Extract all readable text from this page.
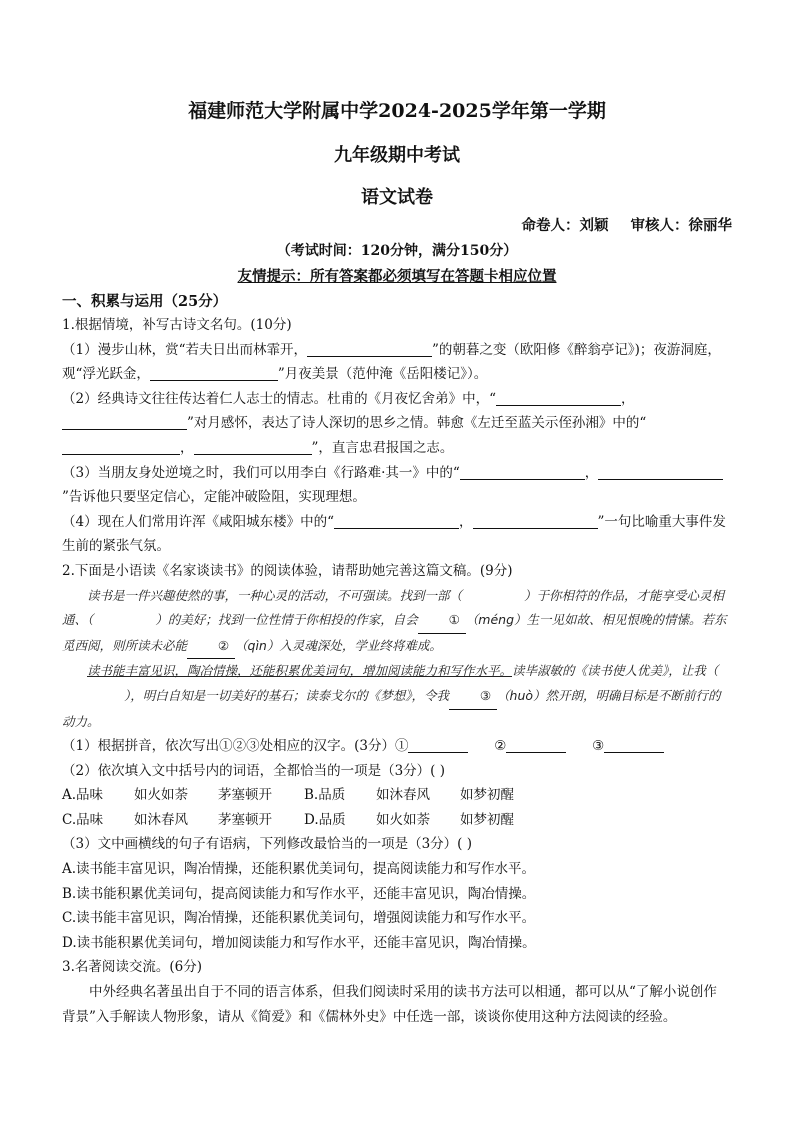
福建师范大学附属中学2024-2025学年第一学期
九年级期中考试
语文试卷
命卷人：刘颖 审核人：徐丽华
（考试时间：120分钟，满分150分）
友情提示：所有答案都必须填写在答题卡相应位置
一、积累与运用（25分）

1.根据情境，补写古诗文名句。(10分)

（1）漫步山林，赏“若夫日出而林霏开，	”的朝暮之变（欧阳修《醉翁亭记》)；夜游洞庭，观“浮光跃金，	”月夜美景（范仲淹《岳阳楼记》）。

（2）经典诗文往往传达着仁人志士的情志。杜甫的《月夜忆舍弟》中，“	，”对月感怀，表达了诗人深切的思乡之情。韩愈《左迁至蓝关示侄孙湘》中的“，	”，直言忠君报国之志。

（3）当朋友身处逆境之时，我们可以用李白《行路难·其一》中的“	，”告诉他只要坚定信心，定能冲破险阻，实现理想。

（4）现在人们常用许浑《咸阳城东楼》中的“	，	”一句比喻重大事件发生前的紧张气氛。

2.下面是小语读《名家谈读书》的阅读体验，请帮助她完善这篇文稿。(9分)

读书是一件兴趣使然的事，一种心灵的活动，不可强读。找到一部（	）于你相符的作品，才能享受心灵相通、（	）的美好；找到一位性情于你相投的作家，自会 ① （méng）生一见如故、相见恨晚的情愫。若东觅西阅，则所读未必能 ② （qìn）入灵魂深处，学业终将难成。

读书能丰富见识，陶冶情操，还能积累优美词句，增加阅读能力和写作水平。读毕淑敏的《读书使人优美》，让我（），明白自知是一切美好的基石；读泰戈尔的《梦想》，令我 ③ （huò）然开朗，明确目标是不断前行的动力。

（1）根据拼音，依次写出①②③处相应的汉字。(3分）①	②	③

（2）依次填入文中括号内的词语，全都恰当的一项是（3分）( )

A.品味 如火如荼 茅塞顿开 B.品质 如沐春风 如梦初醒

C.品味 如沐春风 茅塞顿开 D.品质 如火如荼 如梦初醒

（3）文中画横线的句子有语病，下列修改最恰当的一项是（3分）( )

A.读书能丰富见识，陶冶情操，还能积累优美词句，提高阅读能力和写作水平。

B.读书能积累优美词句，提高阅读能力和写作水平，还能丰富见识，陶冶情操。

C.读书能丰富见识，陶冶情操，还能积累优美词句，增强阅读能力和写作水平。

D.读书能积累优美词句，增加阅读能力和写作水平，还能丰富见识，陶冶情操。

3.名著阅读交流。(6分)

中外经典名著虽出自于不同的语言体系，但我们阅读时采用的读书方法可以相通，都可以从“了解小说创作背景”入手解读人物形象，请从《简爱》和《儒林外史》中任选一部，谈谈你使用这种方法阅读的经验。
